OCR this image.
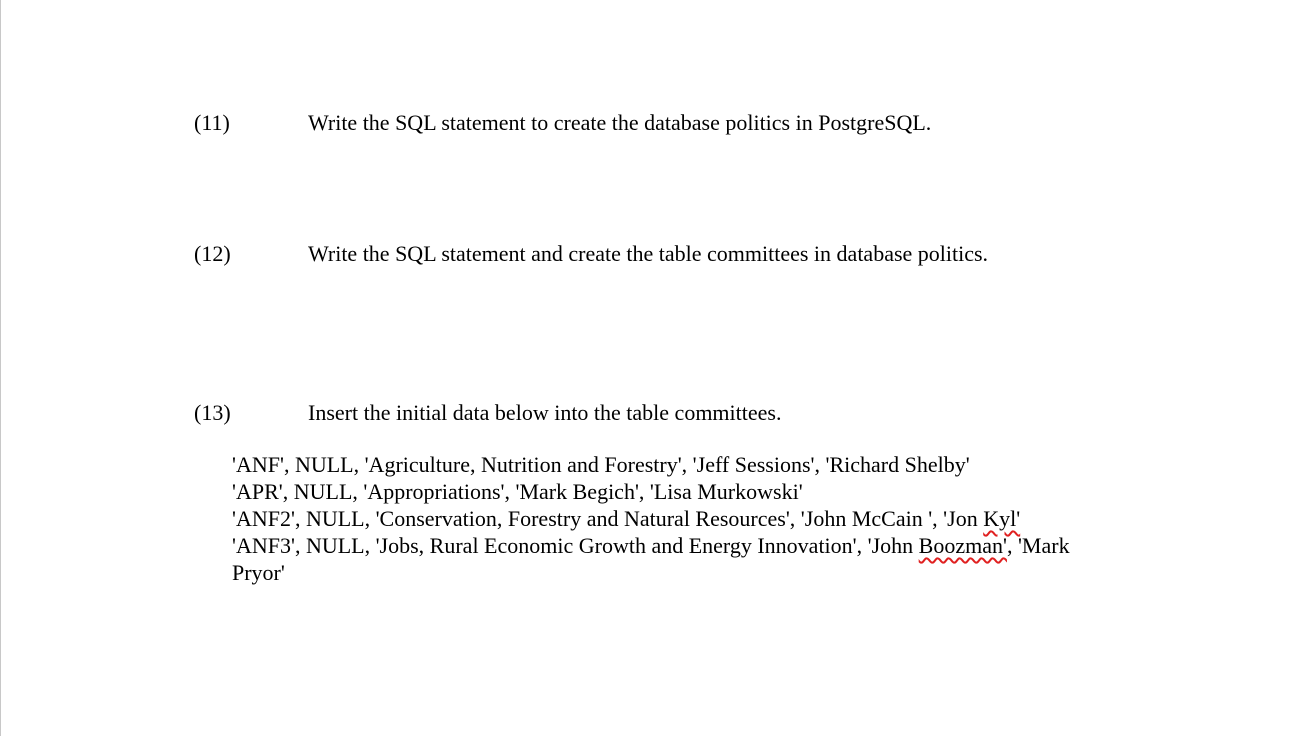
(11)	Write the SQL statement to create the database politics in PostgreSQL.
(12)	Write the SQL statement and create the table committees in database politics.
(13)	Insert the initial data below into the table committees.
'ANF', NULL, 'Agriculture, Nutrition and Forestry', 'Jeff Sessions', 'Richard Shelby'
'APR', NULL, 'Appropriations', 'Mark Begich', 'Lisa Murkowski'
'ANF2', NULL, 'Conservation, Forestry and Natural Resources', 'John McCain ', 'Jon Kyl'
'ANF3', NULL, 'Jobs, Rural Economic Growth and Energy Innovation', 'John Boozman', 'Mark
Pryor'
